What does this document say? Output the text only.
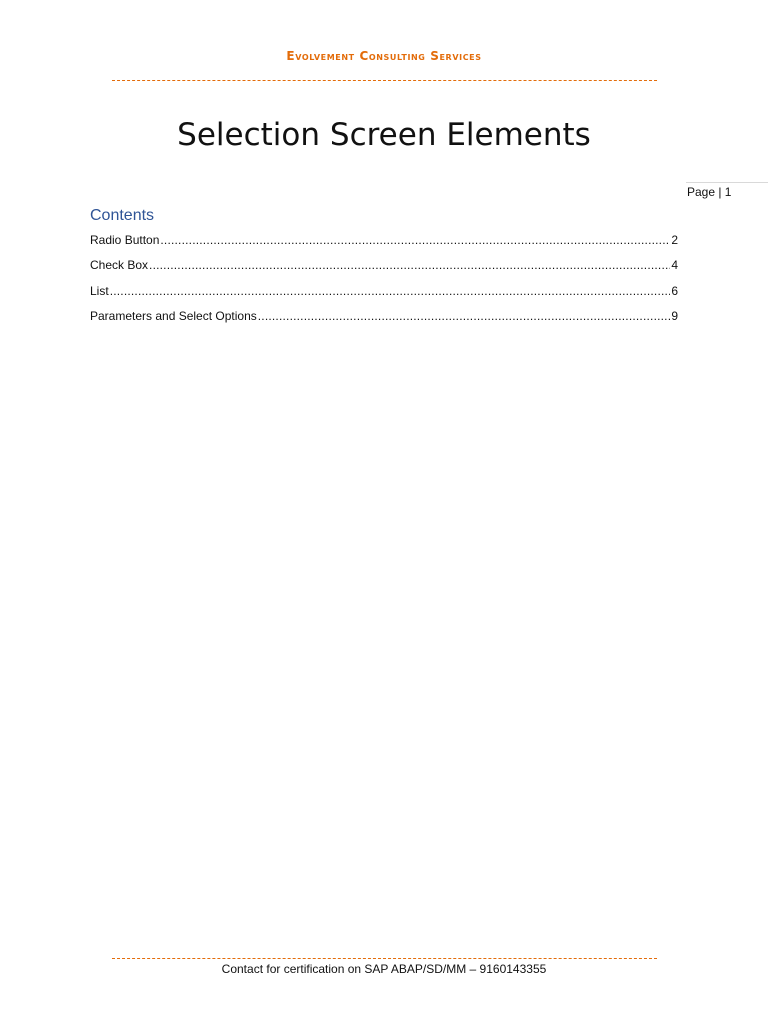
Evolvement Consulting Services
Selection Screen Elements
Page | 1
Contents
Radio Button .....	2
Check Box .....	4
List .....	6
Parameters and Select Options .....	9
Contact for certification on SAP ABAP/SD/MM – 9160143355
